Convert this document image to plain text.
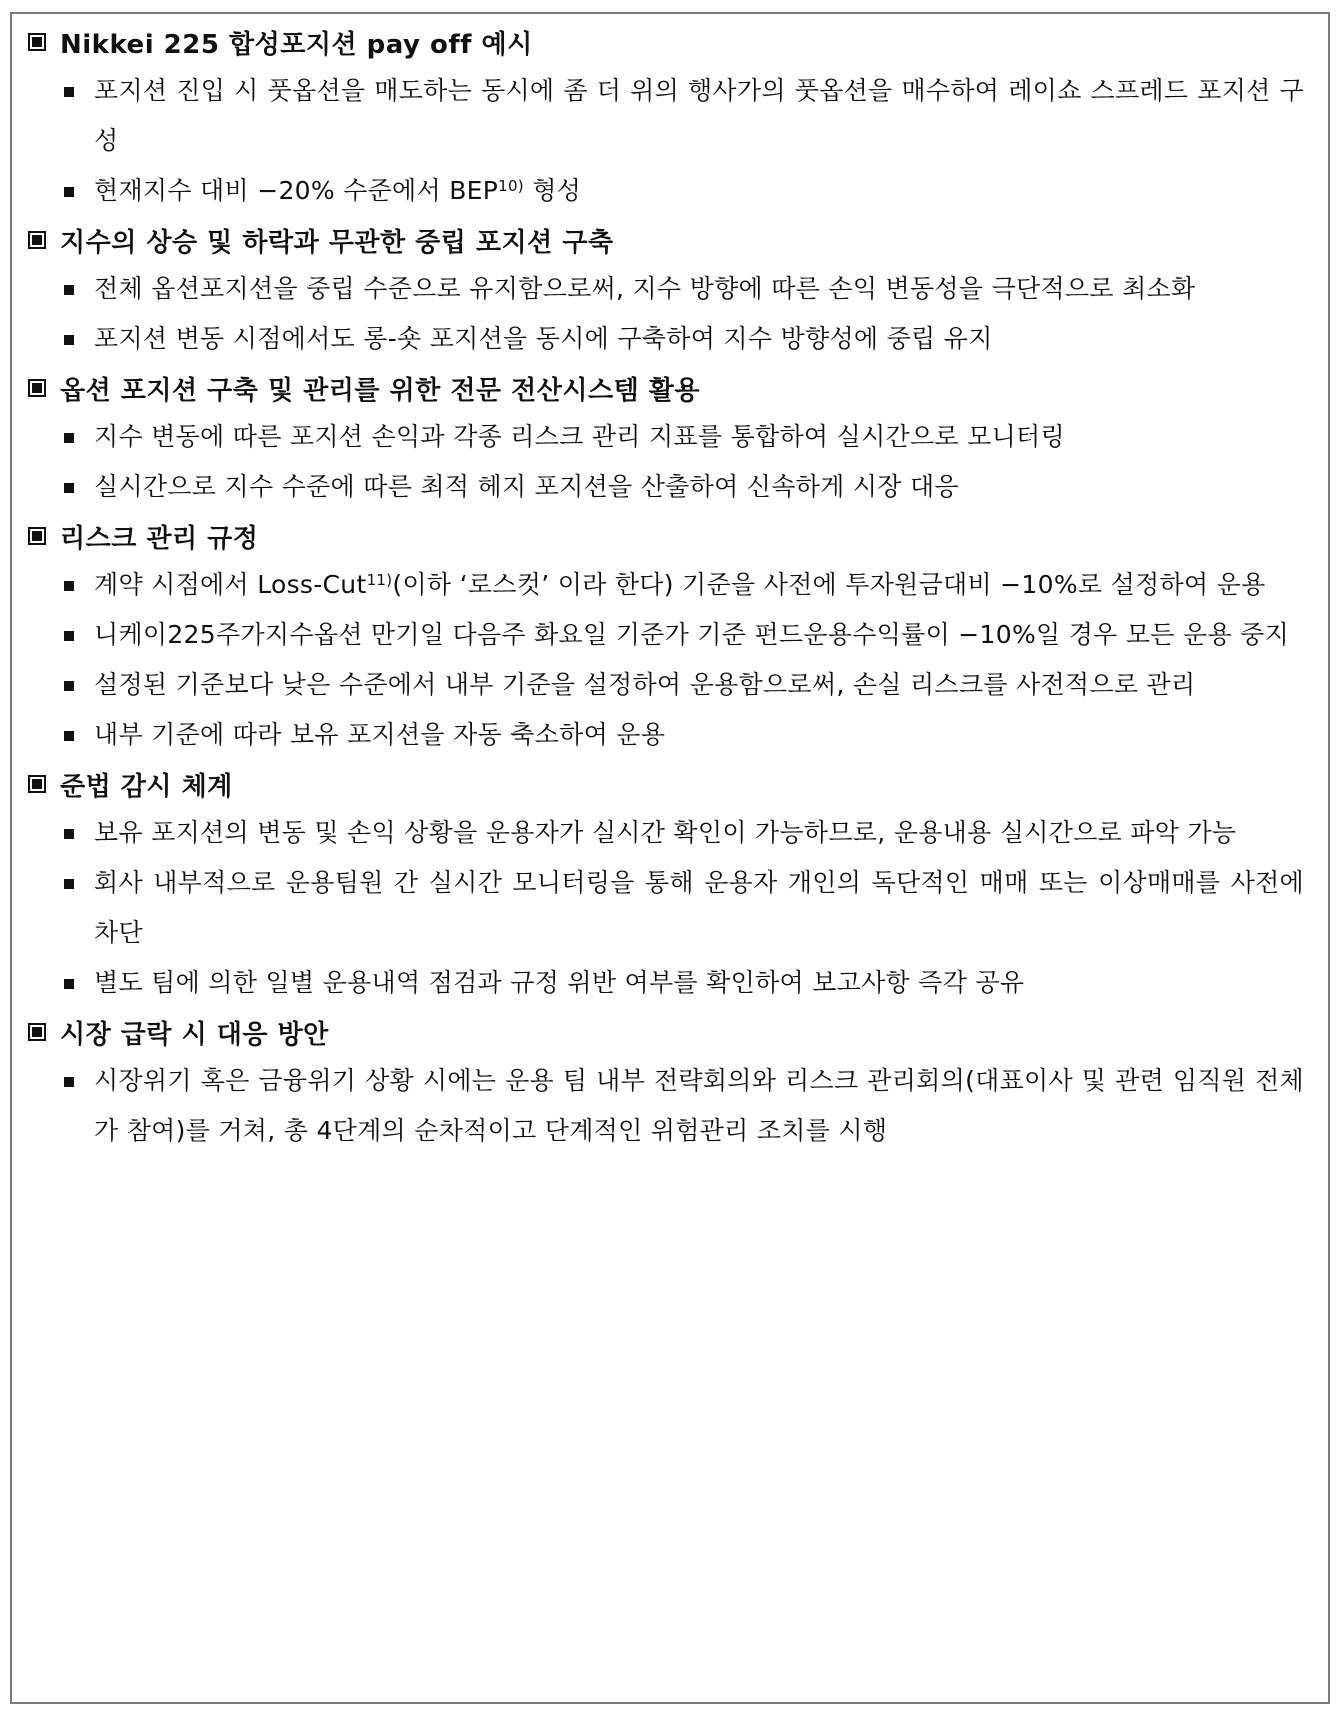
Nikkei 225 합성포지션 pay off 예시
포지션 진입 시 풋옵션을 매도하는 동시에 좀 더 위의 행사가의 풋옵션을 매수하여 레이쇼 스프레드 포지션 구성
현재지수 대비 −20% 수준에서 BEP$^{10)}$ 형성
지수의 상승 및 하락과 무관한 중립 포지션 구축
전체 옵션포지션을 중립 수준으로 유지함으로써, 지수 방향에 따른 손익 변동성을 극단적으로 최소화
포지션 변동 시점에서도 롱-숏 포지션을 동시에 구축하여 지수 방향성에 중립 유지
옵션 포지션 구축 및 관리를 위한 전문 전산시스템 활용
지수 변동에 따른 포지션 손익과 각종 리스크 관리 지표를 통합하여 실시간으로 모니터링
실시간으로 지수 수준에 따른 최적 헤지 포지션을 산출하여 신속하게 시장 대응
리스크 관리 규정
계약 시점에서 Loss-Cut$^{11)}$(이하 ‘로스컷’ 이라 한다) 기준을 사전에 투자원금대비 −10%로 설정하여 운용
니케이225주가지수옵션 만기일 다음주 화요일 기준가 기준 펀드운용수익률이 −10%일 경우 모든 운용 중지
설정된 기준보다 낮은 수준에서 내부 기준을 설정하여 운용함으로써, 손실 리스크를 사전적으로 관리
내부 기준에 따라 보유 포지션을 자동 축소하여 운용
준법 감시 체계
보유 포지션의 변동 및 손익 상황을 운용자가 실시간 확인이 가능하므로, 운용내용 실시간으로 파악 가능
회사 내부적으로 운용팀원 간 실시간 모니터링을 통해 운용자 개인의 독단적인 매매 또는 이상매매를 사전에 차단
별도 팀에 의한 일별 운용내역 점검과 규정 위반 여부를 확인하여 보고사항 즉각 공유
시장 급락 시 대응 방안
시장위기 혹은 금융위기 상황 시에는 운용 팀 내부 전략회의와 리스크 관리회의(대표이사 및 관련 임직원 전체가 참여)를 거쳐, 총 4단계의 순차적이고 단계적인 위험관리 조치를 시행
